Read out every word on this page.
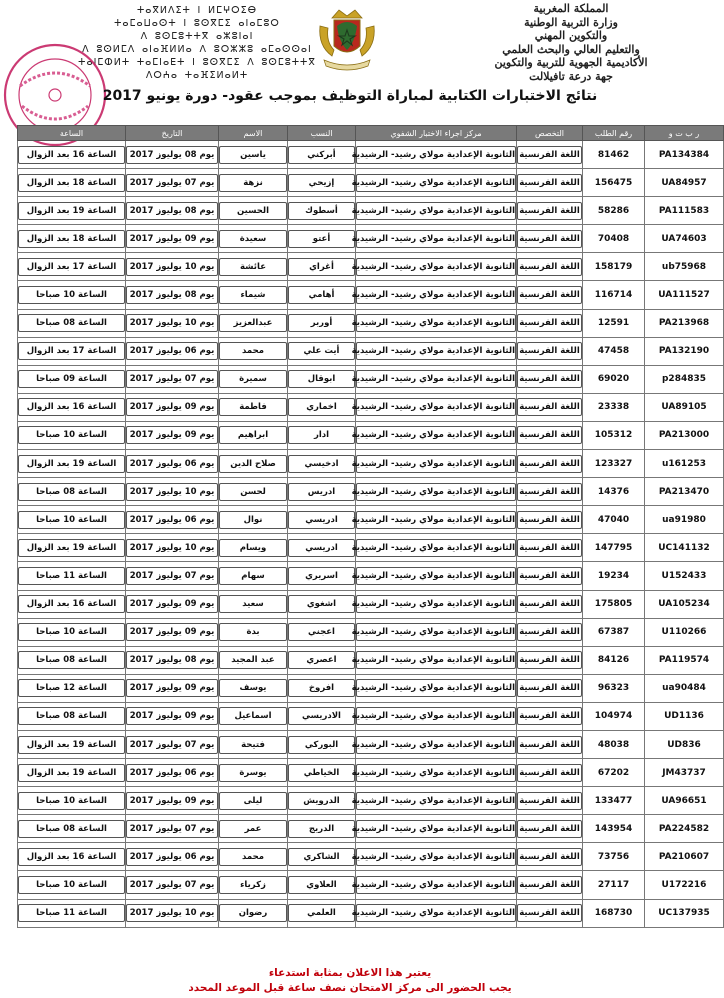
ⵜⴰⴳⵍⴷⵉⵜ ⵏ ⵍⵎⵖⵔⵉⴱ
ⵜⴰⵎⴰⵡⴰⵙⵜ ⵏ ⵓⵙⴳⵎⵉ ⴰⵏⴰⵎⵓⵔ
ⴷ ⵓⵙⵎⵓⵜⵜⴳ ⴰⵣⵓⵏⴰⵏ
ⴷ ⵓⵙⵍⵎⴷ ⴰⵏⴰⴼⵍⵍⴰ ⴷ ⵓⵔⵣⵣⵓ ⴰⵎⴰⵙⵙⴰⵏ
ⵜⴰⵏⵎⵀⵍⵜ ⵜⴰⵎⵏⴰⴹⵜ ⵏ ⵓⵙⴳⵎⵉ ⴷ ⵓⵙⵎⵓⵜⵜⴳ
ⴷⵔⵄⴰ ⵜⴰⴼⵉⵍⴰⵍⵜ
المملكة المغربية
وزارة التربية الوطنية
والتكوين المهني
والتعليم العالي والبحث العلمي
الأكاديمية الجهوية للتربية والتكوين
جهة درعة تافيلالت
نتائج الاختبارات الكتابية لمباراة التوظيف بموجب عقود- دورة يونيو 2017
ر ب ت و	رقم الطلب	التخصص	مركز اجراء الاختبار الشفوي	النسب	الاسم	التاريخ	الساعة
PA134384	81462	اللغة الفرنسية	الثانوية الإعدادية مولاي رشيد- الرشيدية	أبركني	ياسين	يوم 08 يوليوز 2017	الساعة 16 بعد الزوال

UA84957	156475	اللغة الفرنسية	الثانوية الإعدادية مولاي رشيد- الرشيدية	إزيحي	نزهة	يوم 07 يوليوز 2017	الساعة 18 بعد الزوال

PA111583	58286	اللغة الفرنسية	الثانوية الإعدادية مولاي رشيد- الرشيدية	أسطوك	الحسين	يوم 08 يوليوز 2017	الساعة 19 بعد الزوال

UA74603	70408	اللغة الفرنسية	الثانوية الإعدادية مولاي رشيد- الرشيدية	أعتو	سعيدة	يوم 09 يوليوز 2017	الساعة 18 بعد الزوال

ub75968	158179	اللغة الفرنسية	الثانوية الإعدادية مولاي رشيد- الرشيدية	أغراي	عائشة	يوم 10 يوليوز 2017	الساعة 17 بعد الزوال

UA111527	116714	اللغة الفرنسية	الثانوية الإعدادية مولاي رشيد- الرشيدية	أهامي	شيماء	يوم 08 يوليوز 2017	الساعة 10 صباحا

PA213968	12591	اللغة الفرنسية	الثانوية الإعدادية مولاي رشيد- الرشيدية	أوربر	عبدالعزيز	يوم 10 يوليوز 2017	الساعة 08 صباحا

PA132190	47458	اللغة الفرنسية	الثانوية الإعدادية مولاي رشيد- الرشيدية	أيت علي	محمد	يوم 06 يوليوز 2017	الساعة 17 بعد الزوال

p284835	69020	اللغة الفرنسية	الثانوية الإعدادية مولاي رشيد- الرشيدية	ابوقال	سميرة	يوم 07 يوليوز 2017	الساعة 09 صباحا

UA89105	23338	اللغة الفرنسية	الثانوية الإعدادية مولاي رشيد- الرشيدية	اخماري	فاطمة	يوم 09 يوليوز 2017	الساعة 16 بعد الزوال

PA213000	105312	اللغة الفرنسية	الثانوية الإعدادية مولاي رشيد- الرشيدية	ادار	ابراهيم	يوم 09 يوليوز 2017	الساعة 10 صباحا

u161253	123327	اللغة الفرنسية	الثانوية الإعدادية مولاي رشيد- الرشيدية	ادخيسي	صلاح الدين	يوم 06 يوليوز 2017	الساعة 19 بعد الزوال

PA213470	14376	اللغة الفرنسية	الثانوية الإعدادية مولاي رشيد- الرشيدية	ادريس	لحسن	يوم 10 يوليوز 2017	الساعة 08 صباحا

ua91980	47040	اللغة الفرنسية	الثانوية الإعدادية مولاي رشيد- الرشيدية	ادريسي	نوال	يوم 06 يوليوز 2017	الساعة 10 صباحا

UC141132	147795	اللغة الفرنسية	الثانوية الإعدادية مولاي رشيد- الرشيدية	ادريسي	ويسام	يوم 10 يوليوز 2017	الساعة 19 بعد الزوال

U152433	19234	اللغة الفرنسية	الثانوية الإعدادية مولاي رشيد- الرشيدية	اسريري	سهام	يوم 07 يوليوز 2017	الساعة 11 صباحا

UA105234	175805	اللغة الفرنسية	الثانوية الإعدادية مولاي رشيد- الرشيدية	اشغوي	سعيد	يوم 09 يوليوز 2017	الساعة 16 بعد الزوال

U110266	67387	اللغة الفرنسية	الثانوية الإعدادية مولاي رشيد- الرشيدية	اعجني	بدة	يوم 09 يوليوز 2017	الساعة 10 صباحا

PA119574	84126	اللغة الفرنسية	الثانوية الإعدادية مولاي رشيد- الرشيدية	اعصري	عبد المجيد	يوم 08 يوليوز 2017	الساعة 08 صباحا

ua90484	96323	اللغة الفرنسية	الثانوية الإعدادية مولاي رشيد- الرشيدية	افروخ	يوسف	يوم 09 يوليوز 2017	الساعة 12 صباحا

UD1136	104974	اللغة الفرنسية	الثانوية الإعدادية مولاي رشيد- الرشيدية	الادريسي	اسماعيل	يوم 09 يوليوز 2017	الساعة 08 صباحا

UD836	48038	اللغة الفرنسية	الثانوية الإعدادية مولاي رشيد- الرشيدية	البوركي	فتيحة	يوم 07 يوليوز 2017	الساعة 19 بعد الزوال

JM43737	67202	اللغة الفرنسية	الثانوية الإعدادية مولاي رشيد- الرشيدية	الخياطي	يوسرة	يوم 06 يوليوز 2017	الساعة 19 بعد الزوال

UA96651	133477	اللغة الفرنسية	الثانوية الإعدادية مولاي رشيد- الرشيدية	الدرويش	ليلى	يوم 09 يوليوز 2017	الساعة 10 صباحا

PA224582	143954	اللغة الفرنسية	الثانوية الإعدادية مولاي رشيد- الرشيدية	الدريج	عمر	يوم 07 يوليوز 2017	الساعة 08 صباحا

PA210607	73756	اللغة الفرنسية	الثانوية الإعدادية مولاي رشيد- الرشيدية	الشاكري	محمد	يوم 06 يوليوز 2017	الساعة 16 بعد الزوال

U172216	27117	اللغة الفرنسية	الثانوية الإعدادية مولاي رشيد- الرشيدية	العلاوي	زكرياء	يوم 07 يوليوز 2017	الساعة 10 صباحا

UC137935	168730	اللغة الفرنسية	الثانوية الإعدادية مولاي رشيد- الرشيدية	العلمي	رضوان	يوم 10 يوليوز 2017	الساعة 11 صباحا
يعتبر هذا الاعلان بمثابة استدعاء
يجب الحضور الى مركز الامتحان نصف ساعة قبل الموعد المحدد
